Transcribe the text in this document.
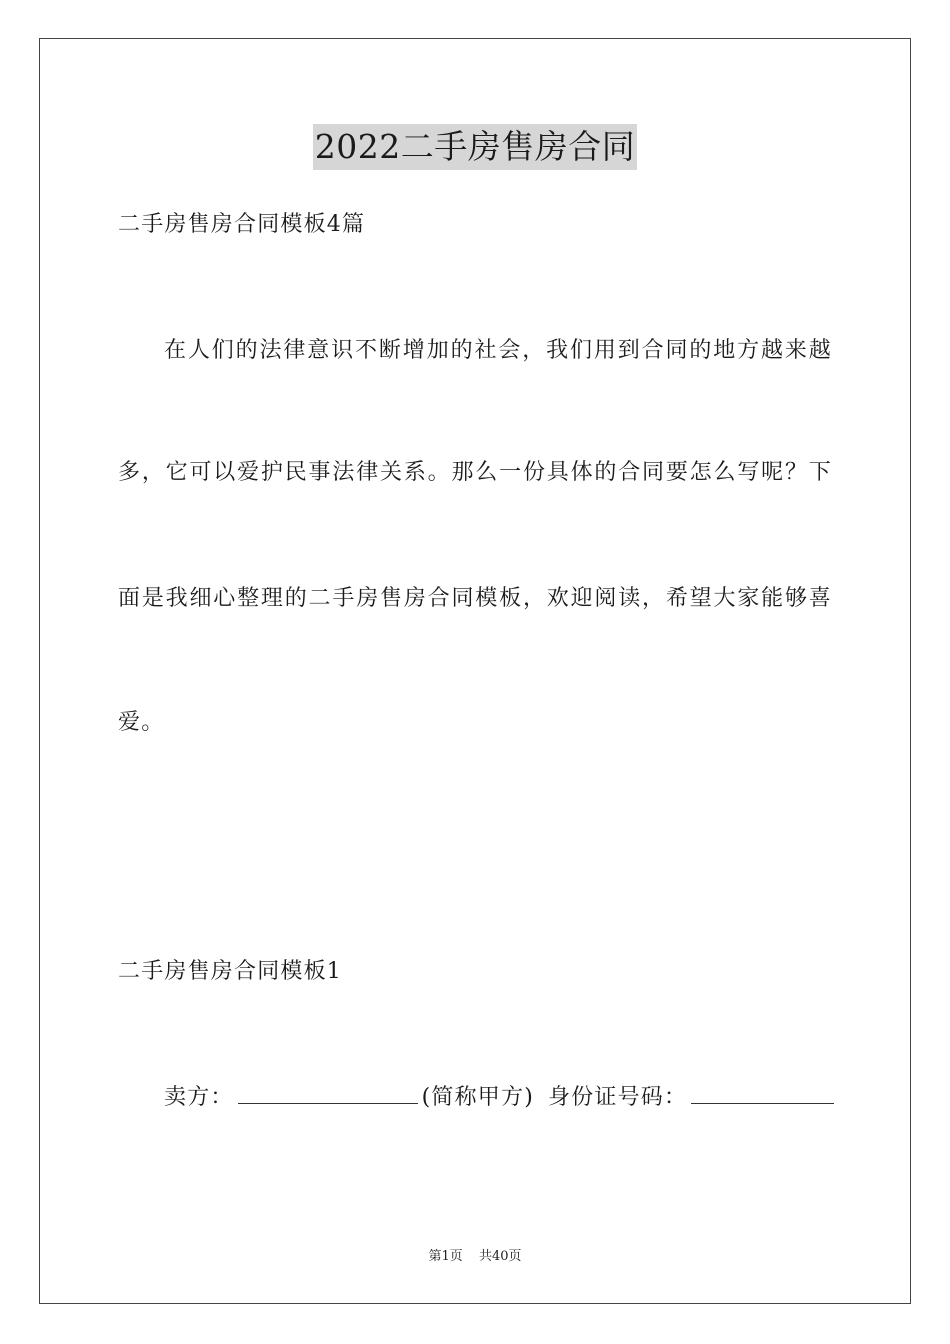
2022二手房售房合同
二手房售房合同模板4篇
在人们的法律意识不断增加的社会，我们用到合同的地方越来越
多，它可以爱护民事法律关系。那么一份具体的合同要怎么写呢？下
面是我细心整理的二手房售房合同模板，欢迎阅读，希望大家能够喜
爱。
二手房售房合同模板1
卖方：	(简称甲方) 身份证号码：
第1页 共40页
